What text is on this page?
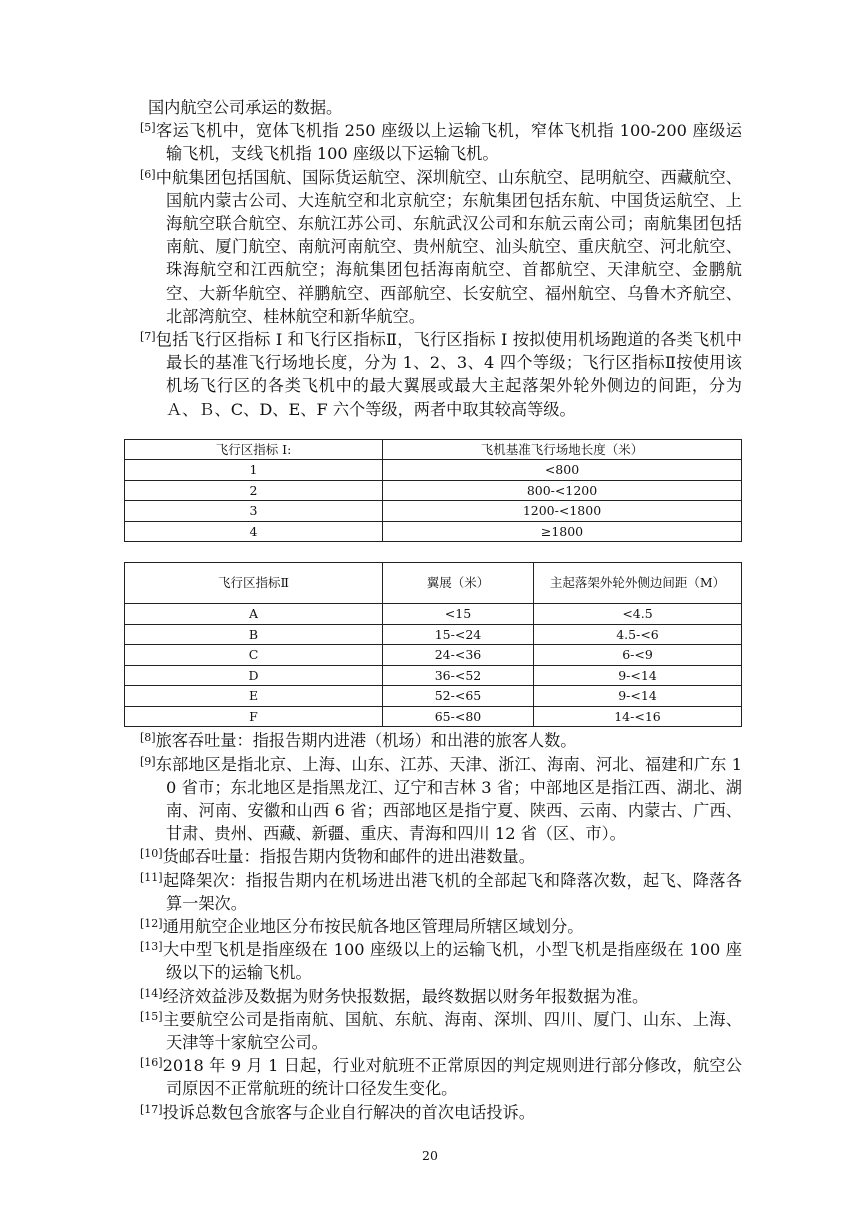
国内航空公司承运的数据。

[5]客运飞机中，宽体飞机指 250 座级以上运输飞机，窄体飞机指 100-200 座级运输飞机，支线飞机指 100 座级以下运输飞机。

[6]中航集团包括国航、国际货运航空、深圳航空、山东航空、昆明航空、西藏航空、国航内蒙古公司、大连航空和北京航空；东航集团包括东航、中国货运航空、上海航空联合航空、东航江苏公司、东航武汉公司和东航云南公司；南航集团包括南航、厦门航空、南航河南航空、贵州航空、汕头航空、重庆航空、河北航空、珠海航空和江西航空；海航集团包括海南航空、首都航空、天津航空、金鹏航空、大新华航空、祥鹏航空、西部航空、长安航空、福州航空、乌鲁木齐航空、北部湾航空、桂林航空和新华航空。

[7]包括飞行区指标 I 和飞行区指标Ⅱ，飞行区指标 I 按拟使用机场跑道的各类飞机中最长的基准飞行场地长度，分为 1、2、3、4 四个等级；飞行区指标Ⅱ按使用该机场飞行区的各类飞机中的最大翼展或最大主起落架外轮外侧边的间距，分为Ａ、Ｂ、C、D、E、F 六个等级，两者中取其较高等级。

飞行区指标 I:	飞机基准飞行场地长度（米）
1	<800
2	800-<1200
3	1200-<1800
4	≥1800
飞行区指标Ⅱ	翼展（米）	主起落架外轮外侧边间距（M）
A	<15	<4.5
B	15-<24	4.5-<6
C	24-<36	6-<9
D	36-<52	9-<14
E	52-<65	9-<14
F	65-<80	14-<16

[8]旅客吞吐量：指报告期内进港（机场）和出港的旅客人数。

[9]东部地区是指北京、上海、山东、江苏、天津、浙江、海南、河北、福建和广东 10 省市；东北地区是指黑龙江、辽宁和吉林 3 省；中部地区是指江西、湖北、湖南、河南、安徽和山西 6 省；西部地区是指宁夏、陕西、云南、内蒙古、广西、甘肃、贵州、西藏、新疆、重庆、青海和四川 12 省（区、市）。

[10]货邮吞吐量：指报告期内货物和邮件的进出港数量。

[11]起降架次：指报告期内在机场进出港飞机的全部起飞和降落次数，起飞、降落各算一架次。

[12]通用航空企业地区分布按民航各地区管理局所辖区域划分。

[13]大中型飞机是指座级在 100 座级以上的运输飞机，小型飞机是指座级在 100 座级以下的运输飞机。

[14]经济效益涉及数据为财务快报数据，最终数据以财务年报数据为准。

[15]主要航空公司是指南航、国航、东航、海南、深圳、四川、厦门、山东、上海、天津等十家航空公司。

[16]2018 年 9 月 1 日起，行业对航班不正常原因的判定规则进行部分修改，航空公司原因不正常航班的统计口径发生变化。

[17]投诉总数包含旅客与企业自行解决的首次电话投诉。

20
